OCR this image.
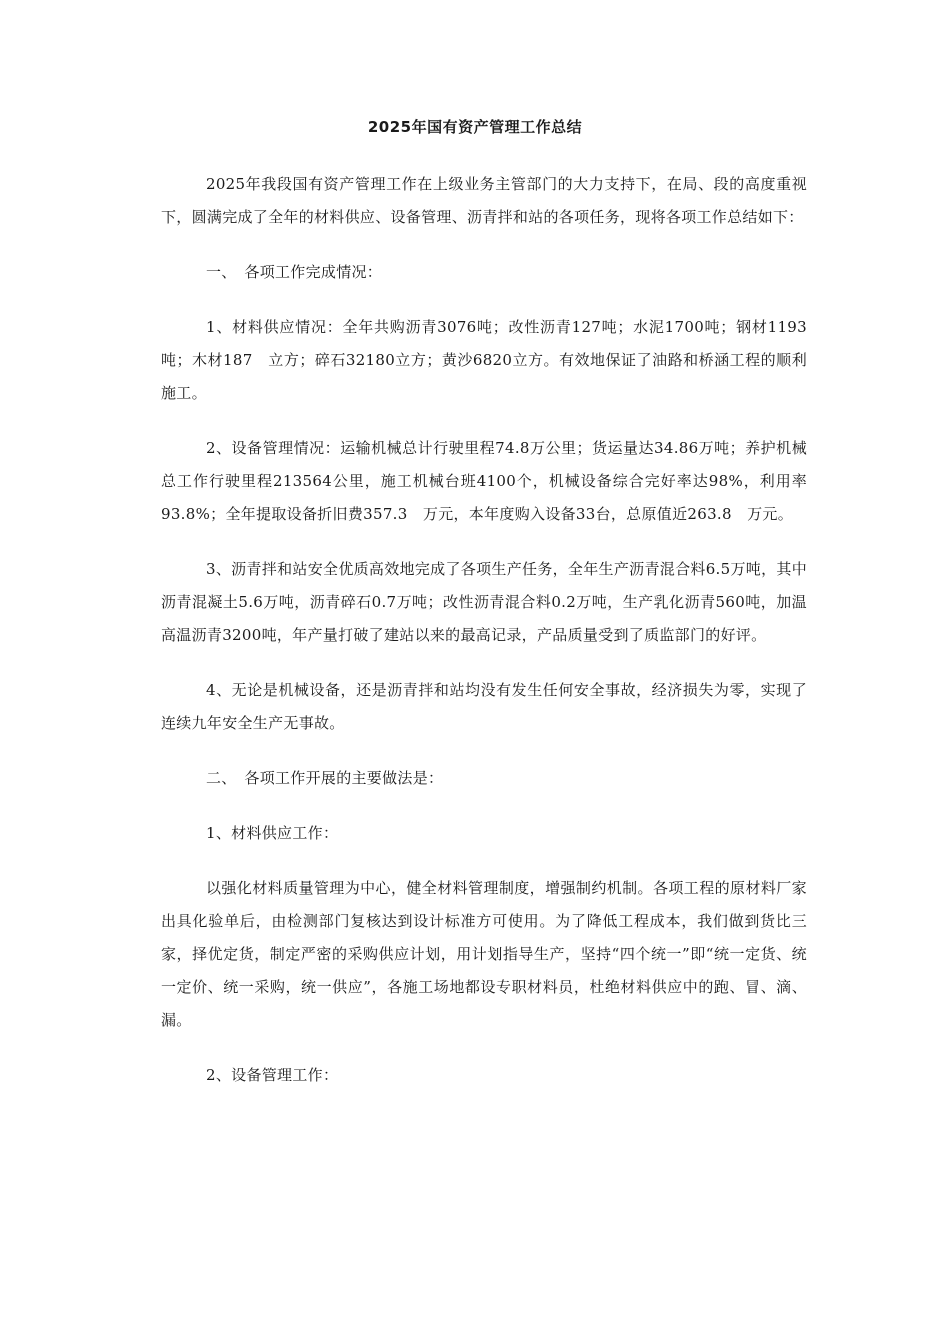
2025年国有资产管理工作总结

2025年我段国有资产管理工作在上级业务主管部门的大力支持下，在局、段的高度重视下，圆满完成了全年的材料供应、设备管理、沥青拌和站的各项任务，现将各项工作总结如下：

一、　各项工作完成情况：

1、材料供应情况：全年共购沥青3076吨；改性沥青127吨；水泥1700吨；钢材1193吨；木材187　立方；碎石32180立方；黄沙6820立方。有效地保证了油路和桥涵工程的顺利施工。

2、设备管理情况：运输机械总计行驶里程74.8万公里；货运量达34.86万吨；养护机械总工作行驶里程213564公里，施工机械台班4100个，机械设备综合完好率达98%，利用率93.8%；全年提取设备折旧费357.3　万元，本年度购入设备33台，总原值近263.8　万元。

3、沥青拌和站安全优质高效地完成了各项生产任务，全年生产沥青混合料6.5万吨，其中沥青混凝土5.6万吨，沥青碎石0.7万吨；改性沥青混合料0.2万吨，生产乳化沥青560吨，加温高温沥青3200吨，年产量打破了建站以来的最高记录，产品质量受到了质监部门的好评。

4、无论是机械设备，还是沥青拌和站均没有发生任何安全事故，经济损失为零，实现了连续九年安全生产无事故。

二、　各项工作开展的主要做法是：

1、材料供应工作：

以强化材料质量管理为中心，健全材料管理制度，增强制约机制。各项工程的原材料厂家出具化验单后，由检测部门复核达到设计标准方可使用。为了降低工程成本，我们做到货比三家，择优定货，制定严密的采购供应计划，用计划指导生产，坚持“四个统一”即“统一定货、统一定价、统一采购，统一供应”，各施工场地都设专职材料员，杜绝材料供应中的跑、冒、滴、漏。

2、设备管理工作：
